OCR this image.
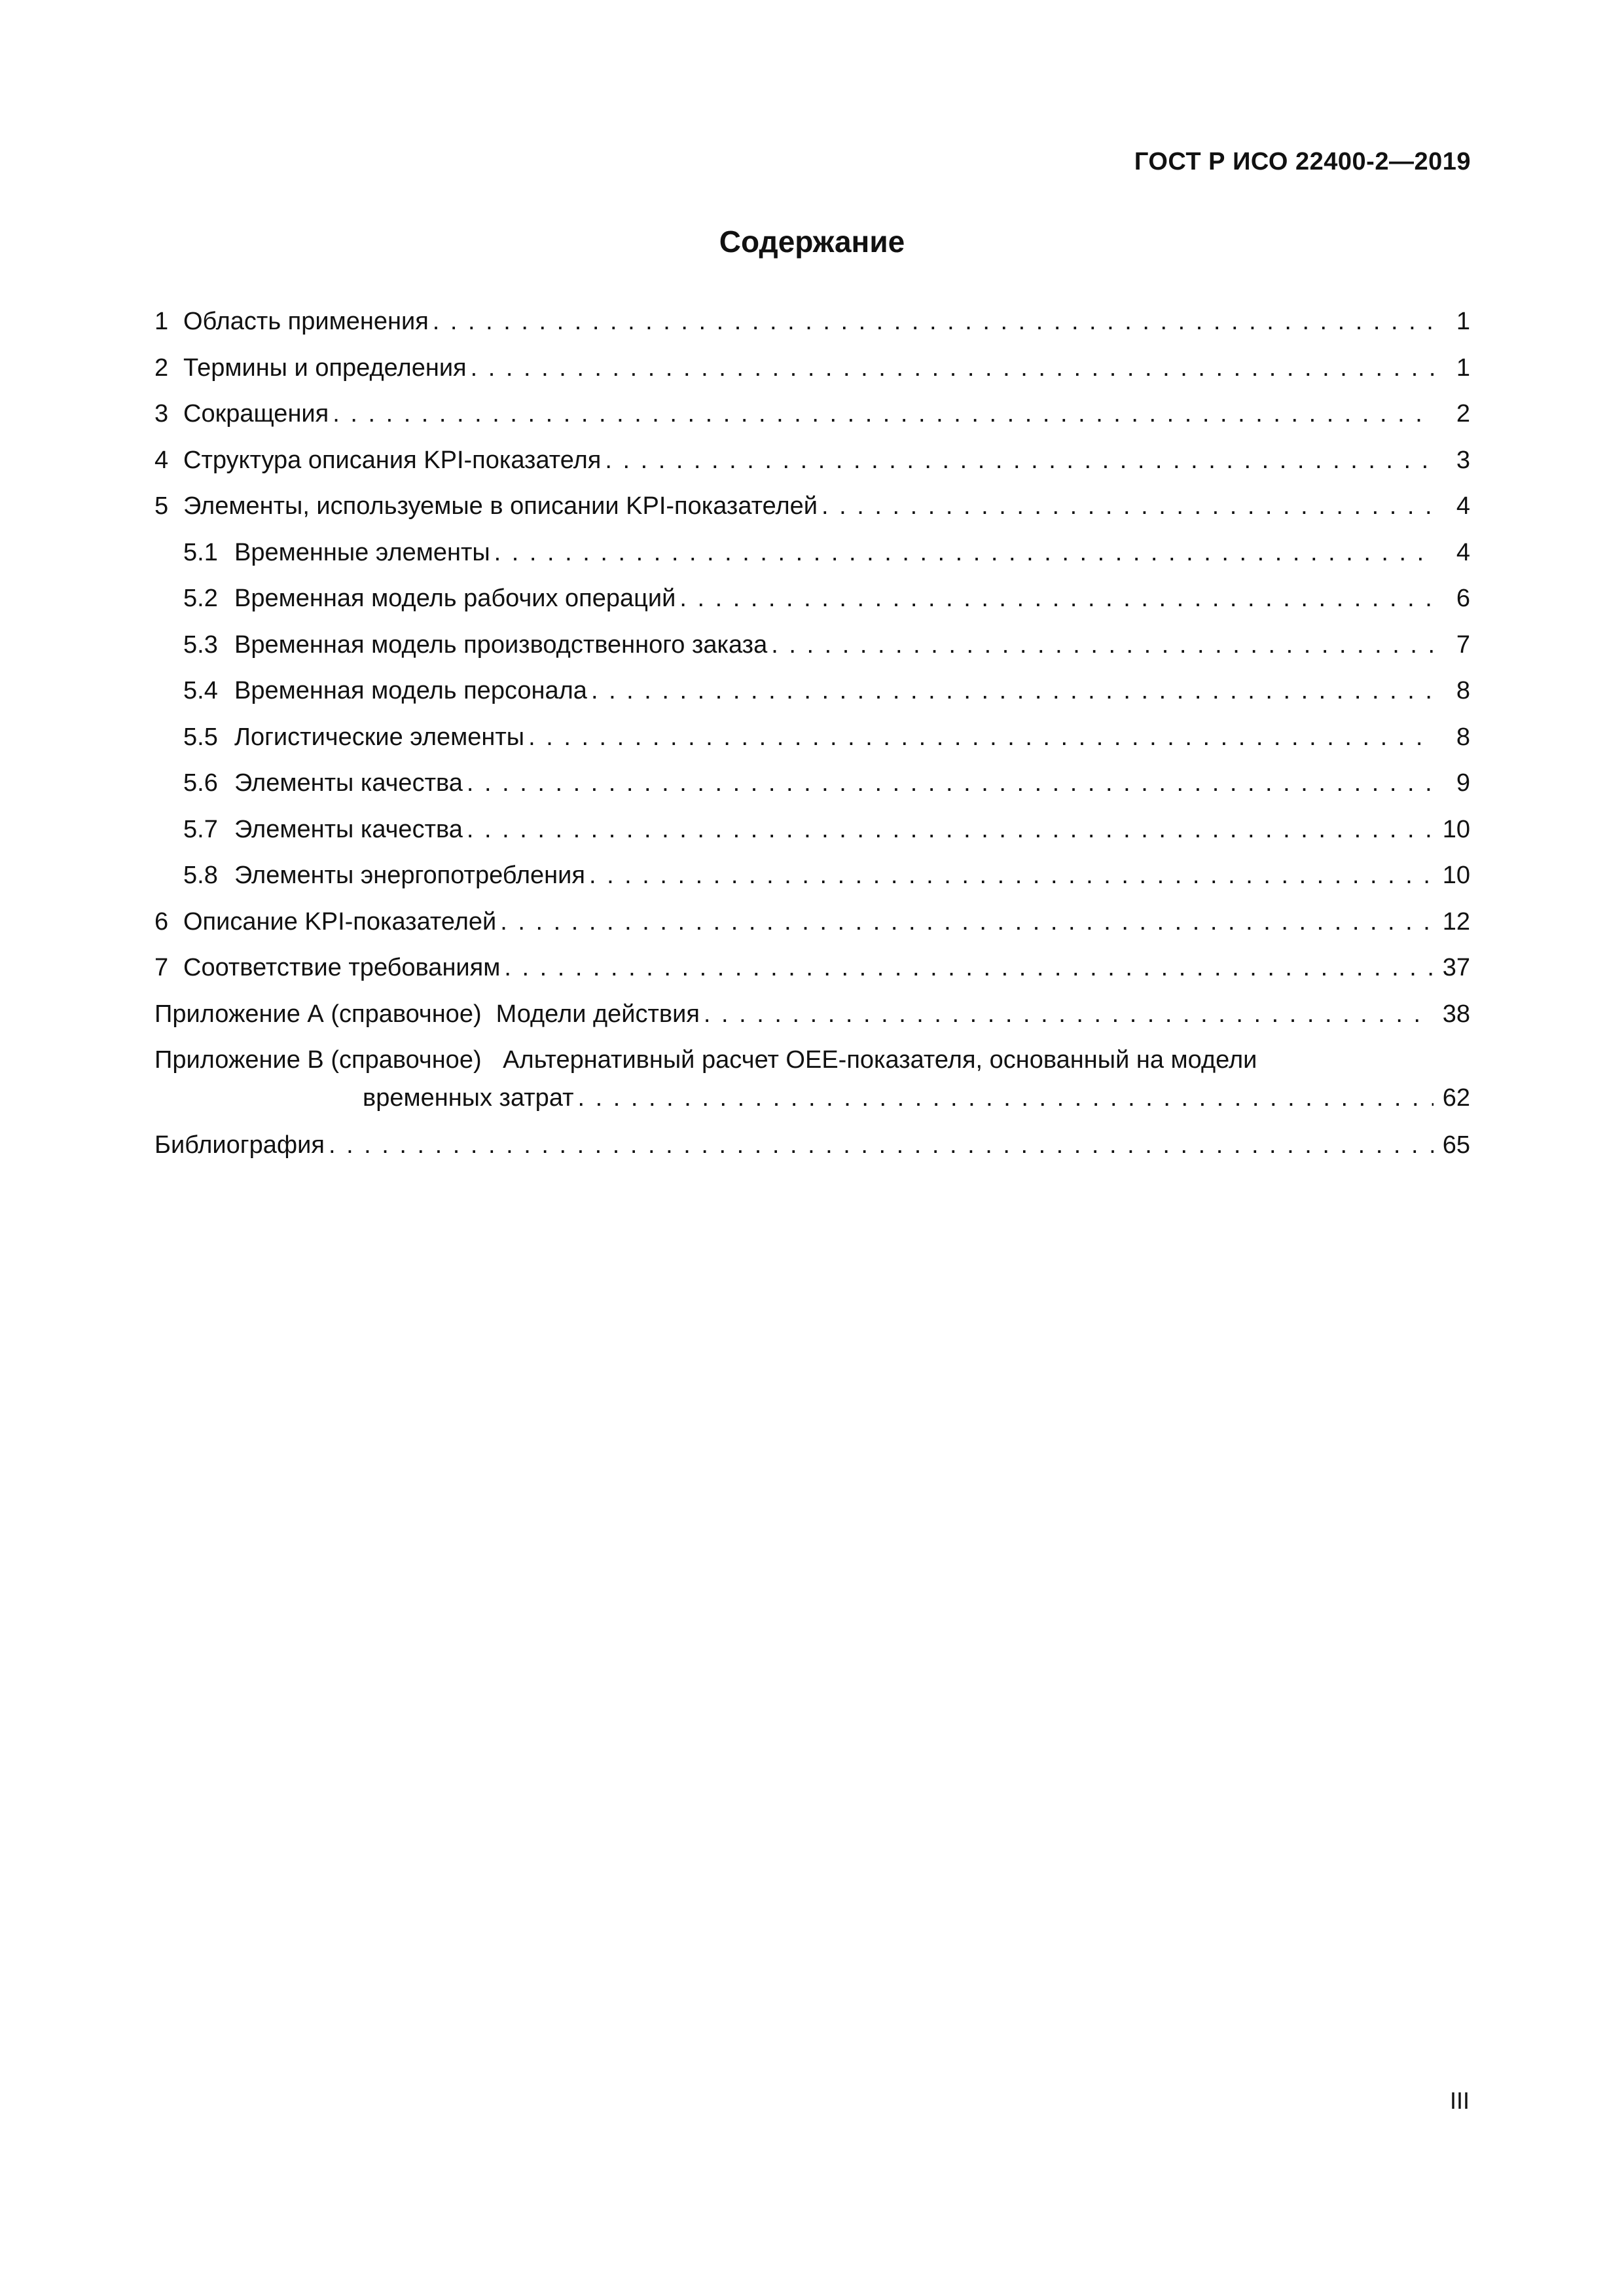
ГОСТ Р ИСО 22400-2—2019
Содержание
1 Область применения . . .	1
2 Термины и определения . . .	1
3 Сокращения . . .	2
4 Структура описания KPI-показателя . . .	3
5 Элементы, используемые в описании KPI-показателей . . .	4
5.1 Временные элементы . . .	4
5.2 Временная модель рабочих операций . . .	6
5.3 Временная модель производственного заказа . . .	7
5.4 Временная модель персонала . . .	8
5.5 Логистические элементы . . .	8
5.6 Элементы качества . . .	9
5.7 Элементы качества . . .	10
5.8 Элементы энергопотребления . . .	10
6 Описание KPI-показателей . . .	12
7 Соответствие требованиям . . .	37
Приложение А (справочное) Модели действия . . .	38
Приложение В (справочное) Альтернативный расчет OEE-показателя, основанный на модели
временных затрат . . .	62
Библиография . . .	65
III
